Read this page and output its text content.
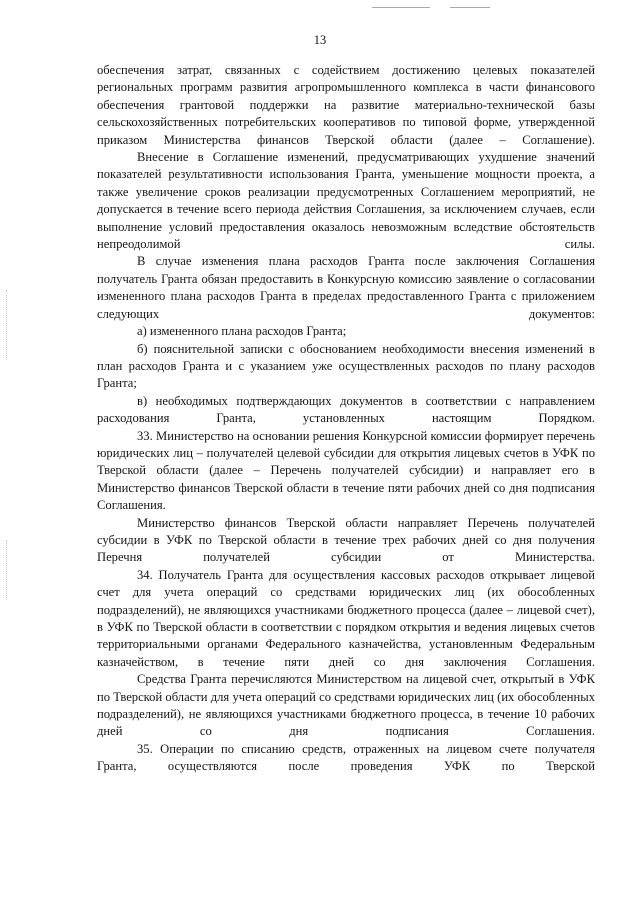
13

обеспечения затрат, связанных с содействием достижению целевых показателей региональных программ развития агропромышленного комплекса в части финансового обеспечения грантовой поддержки на развитие материально-технической базы сельскохозяйственных потребительских кооперативов по типовой форме, утвержденной приказом Министерства финансов Тверской области (далее – Соглашение).

Внесение в Соглашение изменений, предусматривающих ухудшение значений показателей результативности использования Гранта, уменьшение мощности проекта, а также увеличение сроков реализации предусмотренных Соглашением мероприятий, не допускается в течение всего периода действия Соглашения, за исключением случаев, если выполнение условий предоставления оказалось невозможным вследствие обстоятельств непреодолимой силы.

В случае изменения плана расходов Гранта после заключения Соглашения получатель Гранта обязан предоставить в Конкурсную комиссию заявление о согласовании измененного плана расходов Гранта в пределах предоставленного Гранта с приложением следующих документов:

а) измененного плана расходов Гранта;

б) пояснительной записки с обоснованием необходимости внесения изменений в план расходов Гранта и с указанием уже осуществленных расходов по плану расходов Гранта;

в) необходимых подтверждающих документов в соответствии с направлением расходования Гранта, установленных настоящим Порядком.

33. Министерство на основании решения Конкурсной комиссии формирует перечень юридических лиц – получателей целевой субсидии для открытия лицевых счетов в УФК по Тверской области (далее – Перечень получателей субсидии) и направляет его в Министерство финансов Тверской области в течение пяти рабочих дней со дня подписания Соглашения.

Министерство финансов Тверской области направляет Перечень получателей субсидии в УФК по Тверской области в течение трех рабочих дней со дня получения Перечня получателей субсидии от Министерства.

34. Получатель Гранта для осуществления кассовых расходов открывает лицевой счет для учета операций со средствами юридических лиц (их обособленных подразделений), не являющихся участниками бюджетного процесса (далее – лицевой счет), в УФК по Тверской области в соответствии с порядком открытия и ведения лицевых счетов территориальными органами Федерального казначейства, установленным Федеральным казначейством, в течение пяти дней со дня заключения Соглашения.

Средства Гранта перечисляются Министерством на лицевой счет, открытый в УФК по Тверской области для учета операций со средствами юридических лиц (их обособленных подразделений), не являющихся участниками бюджетного процесса, в течение 10 рабочих дней со дня подписания Соглашения.

35. Операции по списанию средств, отраженных на лицевом счете получателя Гранта, осуществляются после проведения УФК по Тверской
